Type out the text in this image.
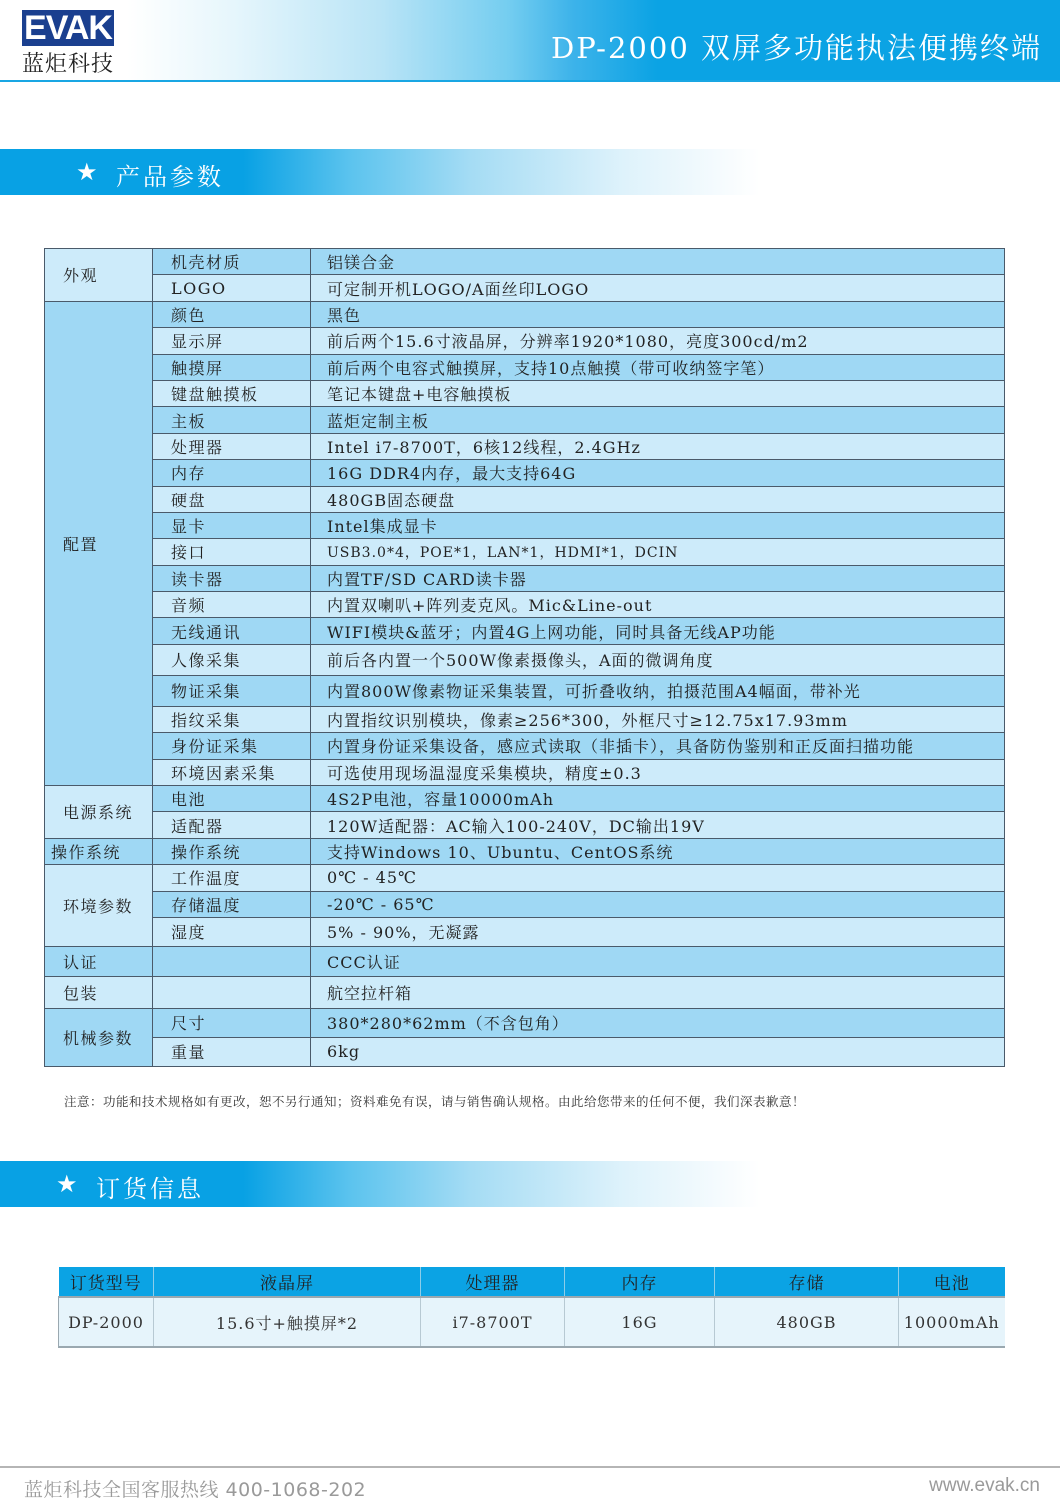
EVAK
蓝炬科技	DP-2000 双屏多功能执法便携终端
★ 产品参数
外观	机壳材质	铝镁合金
	LOGO	可定制开机LOGO/A面丝印LOGO
配置	颜色	黑色
	显示屏	前后两个15.6寸液晶屏，分辨率1920*1080，亮度300cd/m2
	触摸屏	前后两个电容式触摸屏，支持10点触摸（带可收纳签字笔）
	键盘触摸板	笔记本键盘+电容触摸板
	主板	蓝炬定制主板
	处理器	Intel i7-8700T，6核12线程，2.4GHz
	内存	16G DDR4内存，最大支持64G
	硬盘	480GB固态硬盘
	显卡	Intel集成显卡
	接口	USB3.0*4，POE*1，LAN*1，HDMI*1，DCIN
	读卡器	内置TF/SD CARD读卡器
	音频	内置双喇叭+阵列麦克风。Mic&Line-out
	无线通讯	WIFI模块&蓝牙；内置4G上网功能，同时具备无线AP功能
	人像采集	前后各内置一个500W像素摄像头，A面的微调角度
	物证采集	内置800W像素物证采集装置，可折叠收纳，拍摄范围A4幅面，带补光
	指纹采集	内置指纹识别模块，像素≥256*300，外框尺寸≥12.75x17.93mm
	身份证采集	内置身份证采集设备，感应式读取（非插卡），具备防伪鉴别和正反面扫描功能
	环境因素采集	可选使用现场温湿度采集模块，精度±0.3
电源系统	电池	4S2P电池，容量10000mAh
	适配器	120W适配器：AC输入100-240V，DC输出19V
操作系统	操作系统	支持Windows 10、Ubuntu、CentOS系统
环境参数	工作温度	0℃ - 45℃
	存储温度	-20℃ - 65℃
	湿度	5% - 90%，无凝露
认证		CCC认证
包装		航空拉杆箱
机械参数	尺寸	380*280*62mm（不含包角）
	重量	6kg
注意：功能和技术规格如有更改，恕不另行通知；资料难免有误，请与销售确认规格。由此给您带来的任何不便，我们深表歉意！
★ 订货信息
订货型号	液晶屏	处理器	内存	存储	电池
DP-2000	15.6寸+触摸屏*2	i7-8700T	16G	480GB	10000mAh
蓝炬科技全国客服热线 400-1068-202	www.evak.cn
